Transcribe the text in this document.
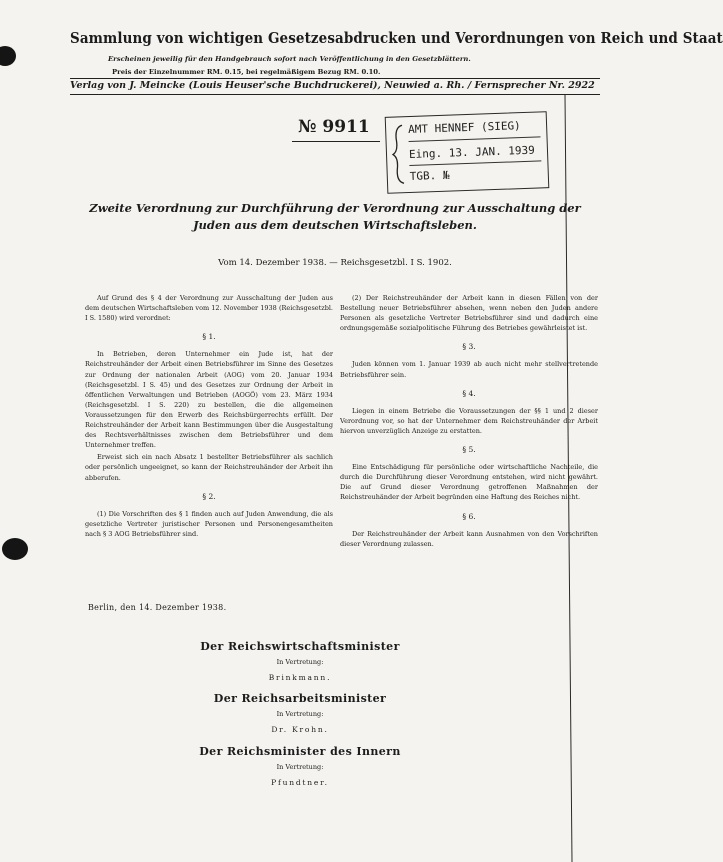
Sammlung von wichtigen Gesetzesabdrucken und Verordnungen von Reich und Staat
Erscheinen jeweilig für den Handgebrauch sofort nach Veröffentlichung in den Gesetzblättern.
Preis der Einzelnummer RM. 0.15, bei regelmäßigem Bezug RM. 0.10.
Verlag von J. Meincke (Louis Heuser'sche Buchdruckerei), Neuwied a. Rh. / Fernsprecher Nr. 2922
№ 9911	AMT HENNEF (SIEG)
Eing. 13. JAN. 1939
TGB. №
Zweite Verordnung zur Durchführung der Verordnung zur Ausschaltung der Juden aus dem deutschen Wirtschaftsleben.
Vom 14. Dezember 1938. — Reichsgesetzbl. I S. 1902.

Auf Grund des § 4 der Verordnung zur Ausschaltung der Juden aus dem deutschen Wirtschaftsleben vom 12. November 1938 (Reichsgesetzbl. I S. 1580) wird verordnet:

§ 1.

In Betrieben, deren Unternehmer ein Jude ist, hat der Reichstreuhänder der Arbeit einen Betriebsführer im Sinne des Gesetzes zur Ordnung der nationalen Arbeit (AOG) vom 20. Januar 1934 (Reichsgesetzbl. I S. 45) und des Gesetzes zur Ordnung der Arbeit in öffentlichen Verwaltungen und Betrieben (AOGÖ) vom 23. März 1934 (Reichsgesetzbl. I S. 220) zu bestellen, die die allgemeinen Voraussetzungen für den Erwerb des Reichsbürgerrechts erfüllt. Der Reichstreuhänder der Arbeit kann Bestimmungen über die Ausgestaltung des Rechtsverhältnisses zwischen dem Betriebsführer und dem Unternehmer treffen.

Erweist sich ein nach Absatz 1 bestellter Betriebsführer als sachlich oder persönlich ungeeignet, so kann der Reichstreuhänder der Arbeit ihn abberufen.

§ 2.

(1) Die Vorschriften des § 1 finden auch auf Juden Anwendung, die als gesetzliche Vertreter juristischer Personen und Personengesamtheiten nach § 3 AOG Betriebsführer sind.

(2) Der Reichstreuhänder der Arbeit kann in diesen Fällen von der Bestellung neuer Betriebsführer absehen, wenn neben den Juden andere Personen als gesetzliche Vertreter Betriebsführer sind und dadurch eine ordnungsgemäße sozialpolitische Führung des Betriebes gewährleistet ist.

§ 3.

Juden können vom 1. Januar 1939 ab auch nicht mehr stellvertretende Betriebsführer sein.

§ 4.

Liegen in einem Betriebe die Voraussetzungen der §§ 1 und 2 dieser Verordnung vor, so hat der Unternehmer dem Reichstreuhänder der Arbeit hiervon unverzüglich Anzeige zu erstatten.

§ 5.

Eine Entschädigung für persönliche oder wirtschaftliche Nachteile, die durch die Durchführung dieser Verordnung entstehen, wird nicht gewährt. Die auf Grund dieser Verordnung getroffenen Maßnahmen der Reichstreuhänder der Arbeit begründen eine Haftung des Reiches nicht.

§ 6.

Der Reichstreuhänder der Arbeit kann Ausnahmen von den Vorschriften dieser Verordnung zulassen.

Berlin, den 14. Dezember 1938.
Der Reichswirtschaftsminister
In Vertretung:
Brinkmann.
Der Reichsarbeitsminister
In Vertretung:
Dr. Krohn.
Der Reichsminister des Innern
In Vertretung:
Pfundtner.
